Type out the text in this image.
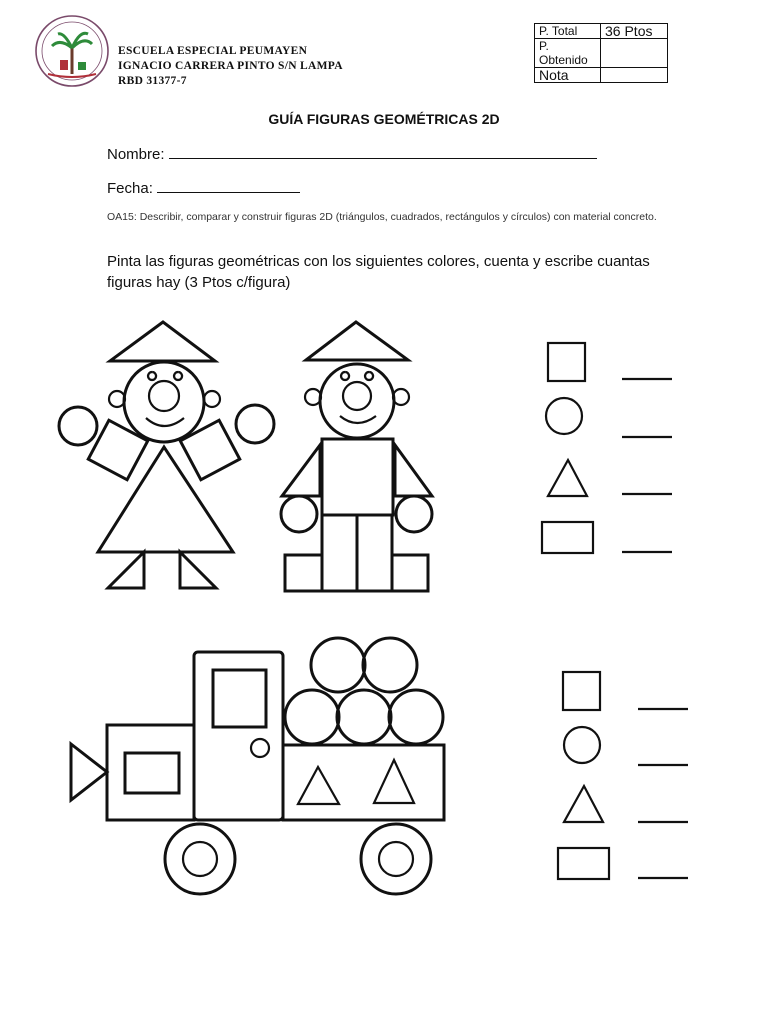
ESCUELA ESPECIAL PEUMAYEN
IGNACIO CARRERA PINTO S/N LAMPA
RBD 31377-7
P. Total	36 Ptos
P. Obtenido	
Nota	
GUÍA FIGURAS GEOMÉTRICAS 2D
Nombre:
Fecha:
OA15: Describir, comparar y construir figuras 2D (triángulos, cuadrados, rectángulos y círculos) con material concreto.
Pinta las figuras geométricas con los siguientes colores, cuenta y escribe cuantas figuras hay (3 Ptos c/figura)
